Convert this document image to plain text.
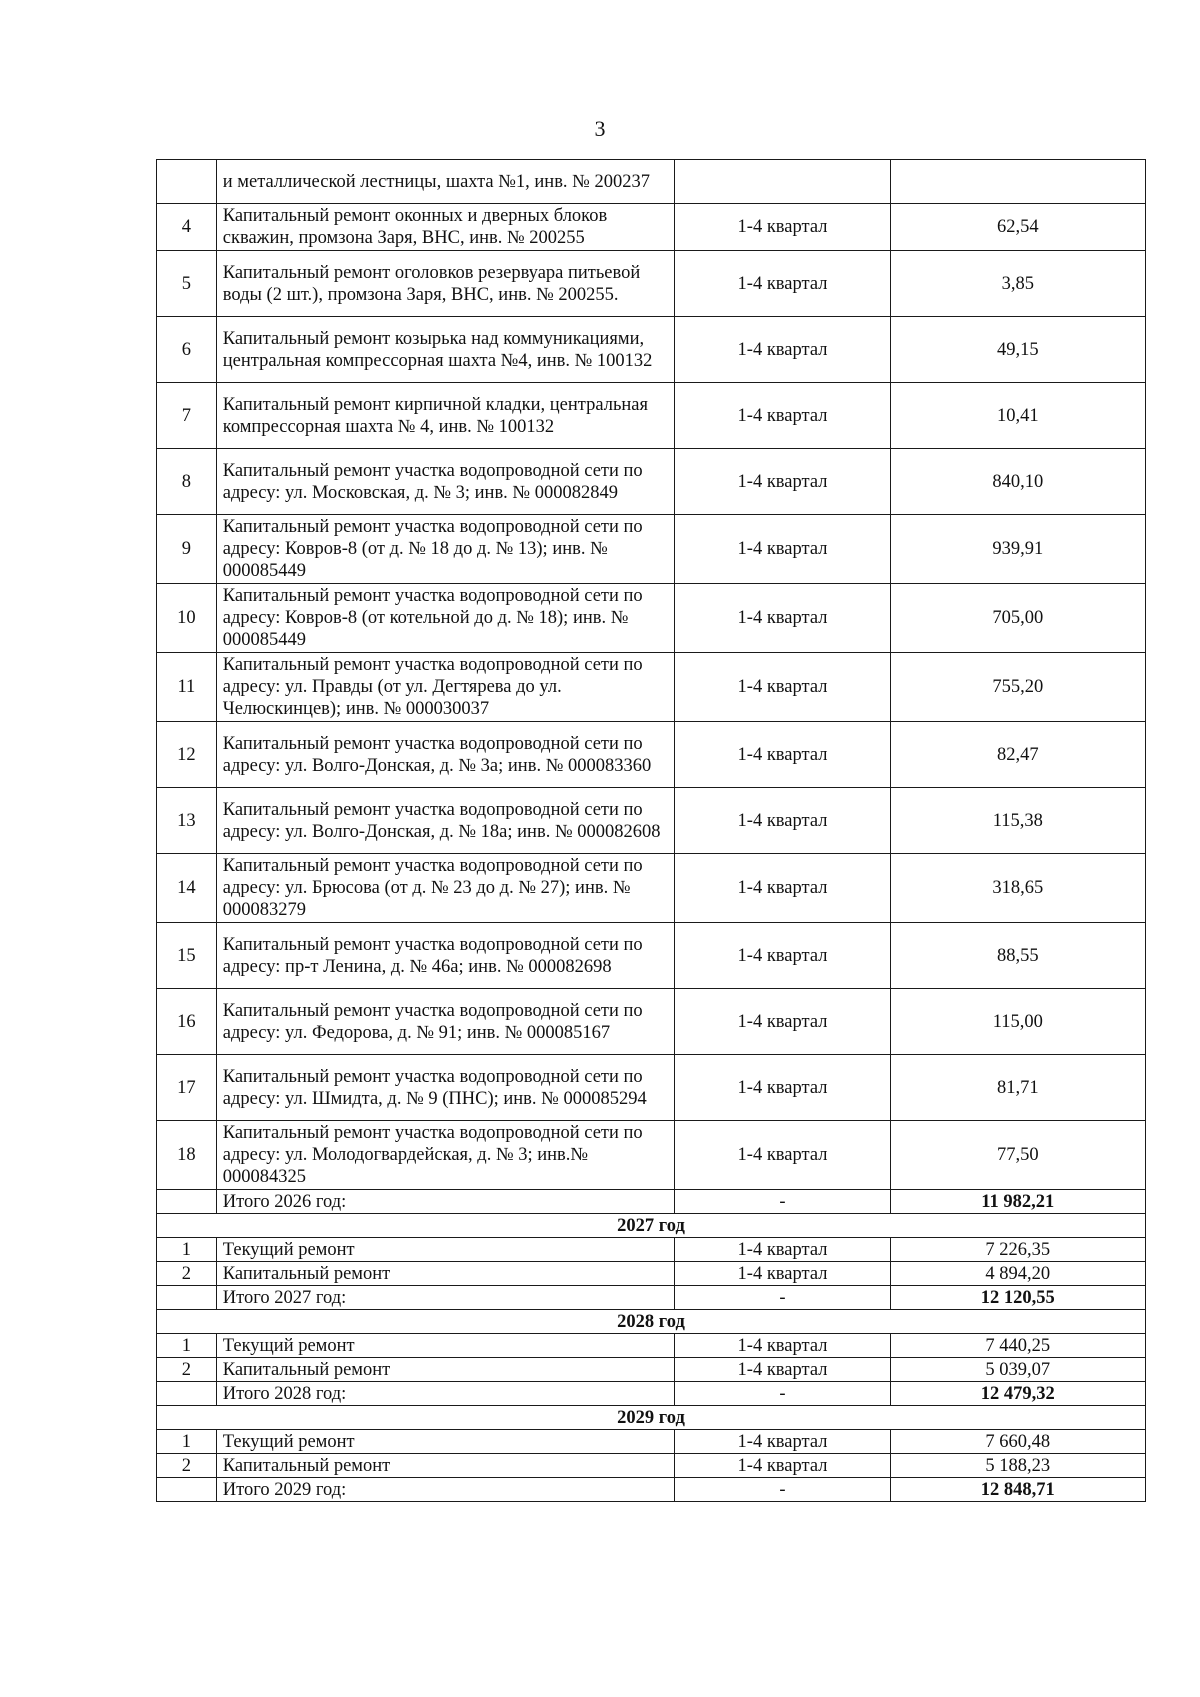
3
	и металлической лестницы, шахта №1, инв. № 200237		
4	Капитальный ремонт оконных и дверных блоков скважин, промзона Заря, ВНС, инв. № 200255	1-4 квартал	62,54
5	Капитальный ремонт оголовков резервуара питьевой воды (2 шт.), промзона Заря, ВНС, инв. № 200255.	1-4 квартал	3,85
6	Капитальный ремонт козырька над коммуникациями, центральная компрессорная шахта №4, инв. № 100132	1-4 квартал	49,15
7	Капитальный ремонт кирпичной кладки, центральная компрессорная шахта № 4, инв. № 100132	1-4 квартал	10,41
8	Капитальный ремонт участка водопроводной сети по адресу: ул. Московская, д. № 3; инв. № 000082849	1-4 квартал	840,10
9	Капитальный ремонт участка водопроводной сети по адресу: Ковров-8 (от д. № 18 до д. № 13); инв. № 000085449	1-4 квартал	939,91
10	Капитальный ремонт участка водопроводной сети по адресу: Ковров-8 (от котельной до д. № 18); инв. № 000085449	1-4 квартал	705,00
11	Капитальный ремонт участка водопроводной сети по адресу: ул. Правды (от ул. Дегтярева до ул. Челюскинцев); инв. № 000030037	1-4 квартал	755,20
12	Капитальный ремонт участка водопроводной сети по адресу: ул. Волго-Донская, д. № 3а; инв. № 000083360	1-4 квартал	82,47
13	Капитальный ремонт участка водопроводной сети по адресу: ул. Волго-Донская, д. № 18а; инв. № 000082608	1-4 квартал	115,38
14	Капитальный ремонт участка водопроводной сети по адресу: ул. Брюсова (от д. № 23 до д. № 27); инв. № 000083279	1-4 квартал	318,65
15	Капитальный ремонт участка водопроводной сети по адресу: пр-т Ленина, д. № 46а; инв. № 000082698	1-4 квартал	88,55
16	Капитальный ремонт участка водопроводной сети по адресу: ул. Федорова, д. № 91; инв. № 000085167	1-4 квартал	115,00
17	Капитальный ремонт участка водопроводной сети по адресу: ул. Шмидта, д. № 9 (ПНС); инв. № 000085294	1-4 квартал	81,71
18	Капитальный ремонт участка водопроводной сети по адресу: ул. Молодогвардейская, д. № 3; инв.№ 000084325	1-4 квартал	77,50
	Итого 2026 год:	-	11 982,21
2027 год			
1	Текущий ремонт	1-4 квартал	7 226,35
2	Капитальный ремонт	1-4 квартал	4 894,20
	Итого 2027 год:	-	12 120,55
2028 год			
1	Текущий ремонт	1-4 квартал	7 440,25
2	Капитальный ремонт	1-4 квартал	5 039,07
	Итого 2028 год:	-	12 479,32
2029 год			
1	Текущий ремонт	1-4 квартал	7 660,48
2	Капитальный ремонт	1-4 квартал	5 188,23
	Итого 2029 год:	-	12 848,71
